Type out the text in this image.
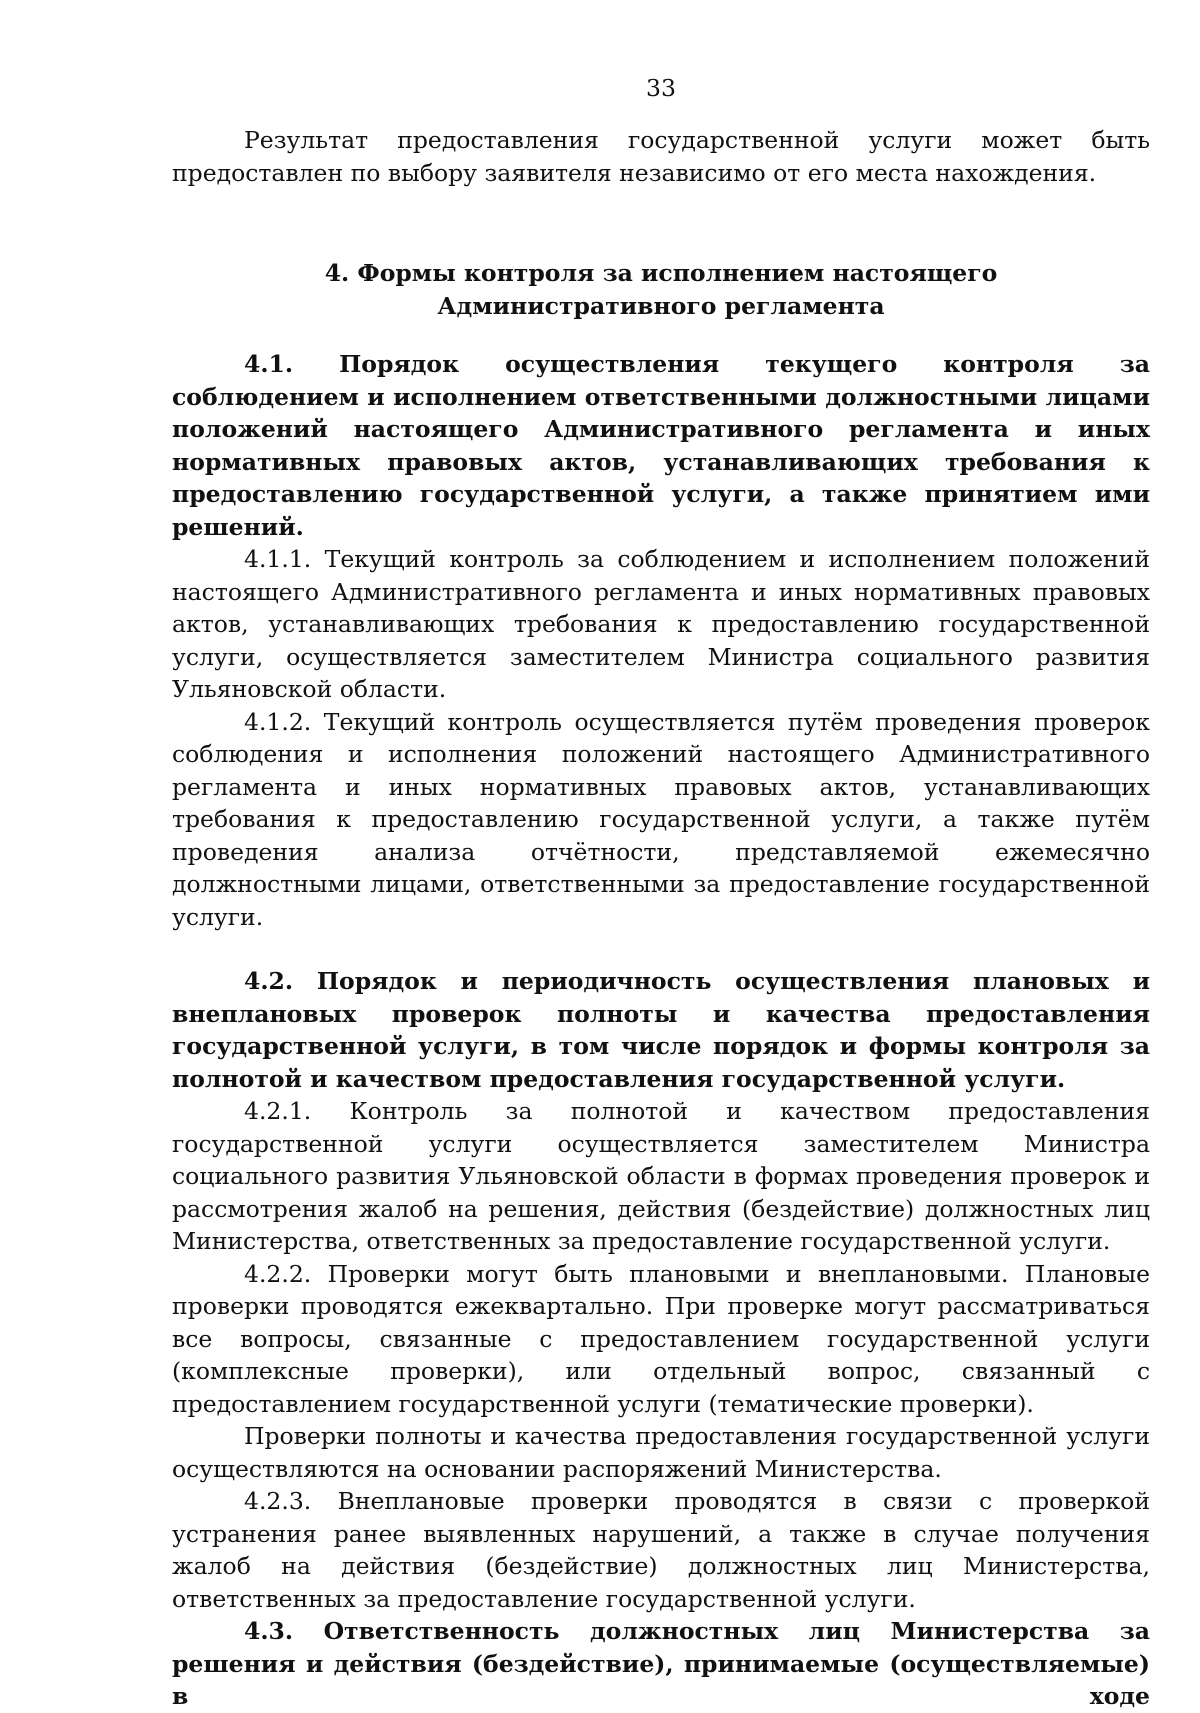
33

Результат предоставления государственной услуги может быть предоставлен по выбору заявителя независимо от его места нахождения.

4. Формы контроля за исполнением настоящего

Административного регламента

4.1. Порядок осуществления текущего контроля за соблюдением и исполнением ответственными должностными лицами положений настоящего Административного регламента и иных нормативных правовых актов, устанавливающих требования к предоставлению государственной услуги, а также принятием ими решений.

4.1.1. Текущий контроль за соблюдением и исполнением положений настоящего Административного регламента и иных нормативных правовых актов, устанавливающих требования к предоставлению государственной услуги, осуществляется заместителем Министра социального развития Ульяновской области.

4.1.2. Текущий контроль осуществляется путём проведения проверок соблюдения и исполнения положений настоящего Административного регламента и иных нормативных правовых актов, устанавливающих требования к предоставлению государственной услуги, а также путём проведения анализа отчётности, представляемой ежемесячно должностными лицами, ответственными за предоставление государственной услуги.

4.2. Порядок и периодичность осуществления плановых и внеплановых проверок полноты и качества предоставления государственной услуги, в том числе порядок и формы контроля за полнотой и качеством предоставления государственной услуги.

4.2.1. Контроль за полнотой и качеством предоставления государственной услуги осуществляется заместителем Министра социального развития Ульяновской области в формах проведения проверок и рассмотрения жалоб на решения, действия (бездействие) должностных лиц Министерства, ответственных за предоставление государственной услуги.

4.2.2. Проверки могут быть плановыми и внеплановыми. Плановые проверки проводятся ежеквартально. При проверке могут рассматриваться все вопросы, связанные с предоставлением государственной услуги (комплексные проверки), или отдельный вопрос, связанный с предоставлением государственной услуги (тематические проверки).

Проверки полноты и качества предоставления государственной услуги осуществляются на основании распоряжений Министерства.

4.2.3. Внеплановые проверки проводятся в связи с проверкой устранения ранее выявленных нарушений, а также в случае получения жалоб на действия (бездействие) должностных лиц Министерства, ответственных за предоставление государственной услуги.

4.3. Ответственность должностных лиц Министерства за решения и действия (бездействие), принимаемые (осуществляемые) в ходе
